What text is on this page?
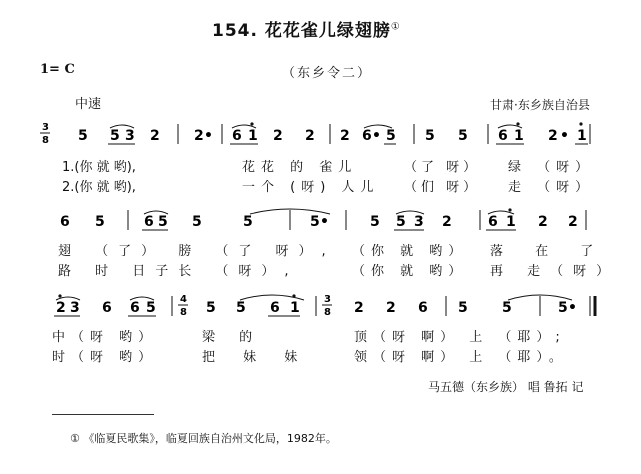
154. 花花雀儿绿翅膀①
1= C	（东乡令二）
中速	甘肃·东乡族自治县
3
8 5 5 3 2 2 • 6 1 2 2 2 6 • 5 5 5 6 1 2 • 1
1.(你 就 哟),	花花 的 雀儿	（了 呀） 绿 （呀）
2.(你 就 哟),	一个 (呀) 人儿 （们 呀） 走 （呀）
6 5	6 5 5	5	5 •	5 5 3 2	6 1 2 2
翅 （了） 膀 （了 呀）, （你 就 哟） 落 在 了
路 时 日子长 （呀）,	（你 就 哟） 再 走（呀）
2 3 6 6 5
4
8 5 5 6 1
3
8 2 2 6 5 5	5 •
中（呀 哟）	梁 的	顶（呀 啊） 上 （耶）;
时（呀 哟）	把 妹 妹	领（呀 啊） 上 （耶）。
马五德（东乡族） 唱 鲁拓 记
① 《临夏民歌集》，临夏回族自治州文化局，1982年。
